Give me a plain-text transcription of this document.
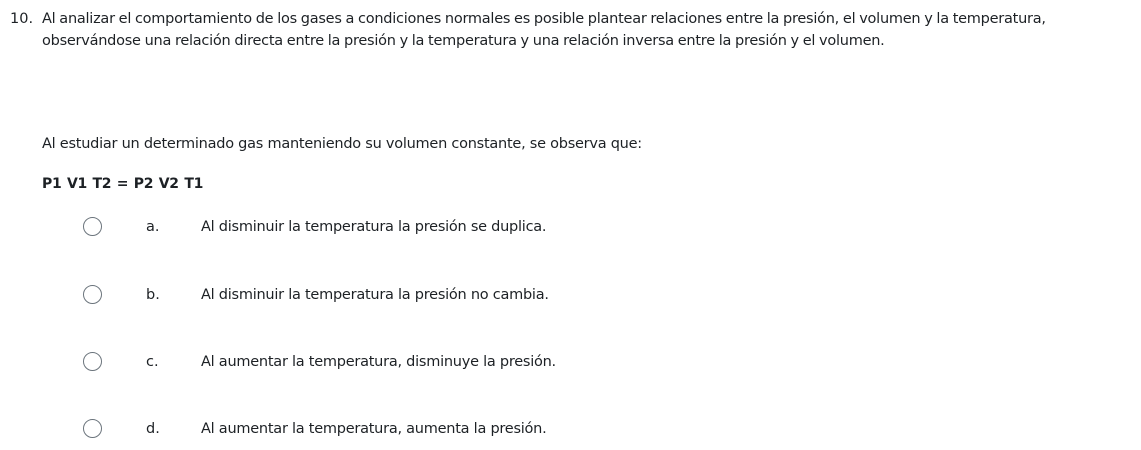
10. Al analizar el comportamiento de los gases a condiciones normales es posible plantear relaciones entre la presión, el volumen y la temperatura, observándose una relación directa entre la presión y la temperatura y una relación inversa entre la presión y el volumen.
Al estudiar un determinado gas manteniendo su volumen constante, se observa que:
P1 V1 T2 = P2 V2 T1
a.	Al disminuir la temperatura la presión se duplica.
b.	Al disminuir la temperatura la presión no cambia.
c.	Al aumentar la temperatura, disminuye la presión.
d.	Al aumentar la temperatura, aumenta la presión.
